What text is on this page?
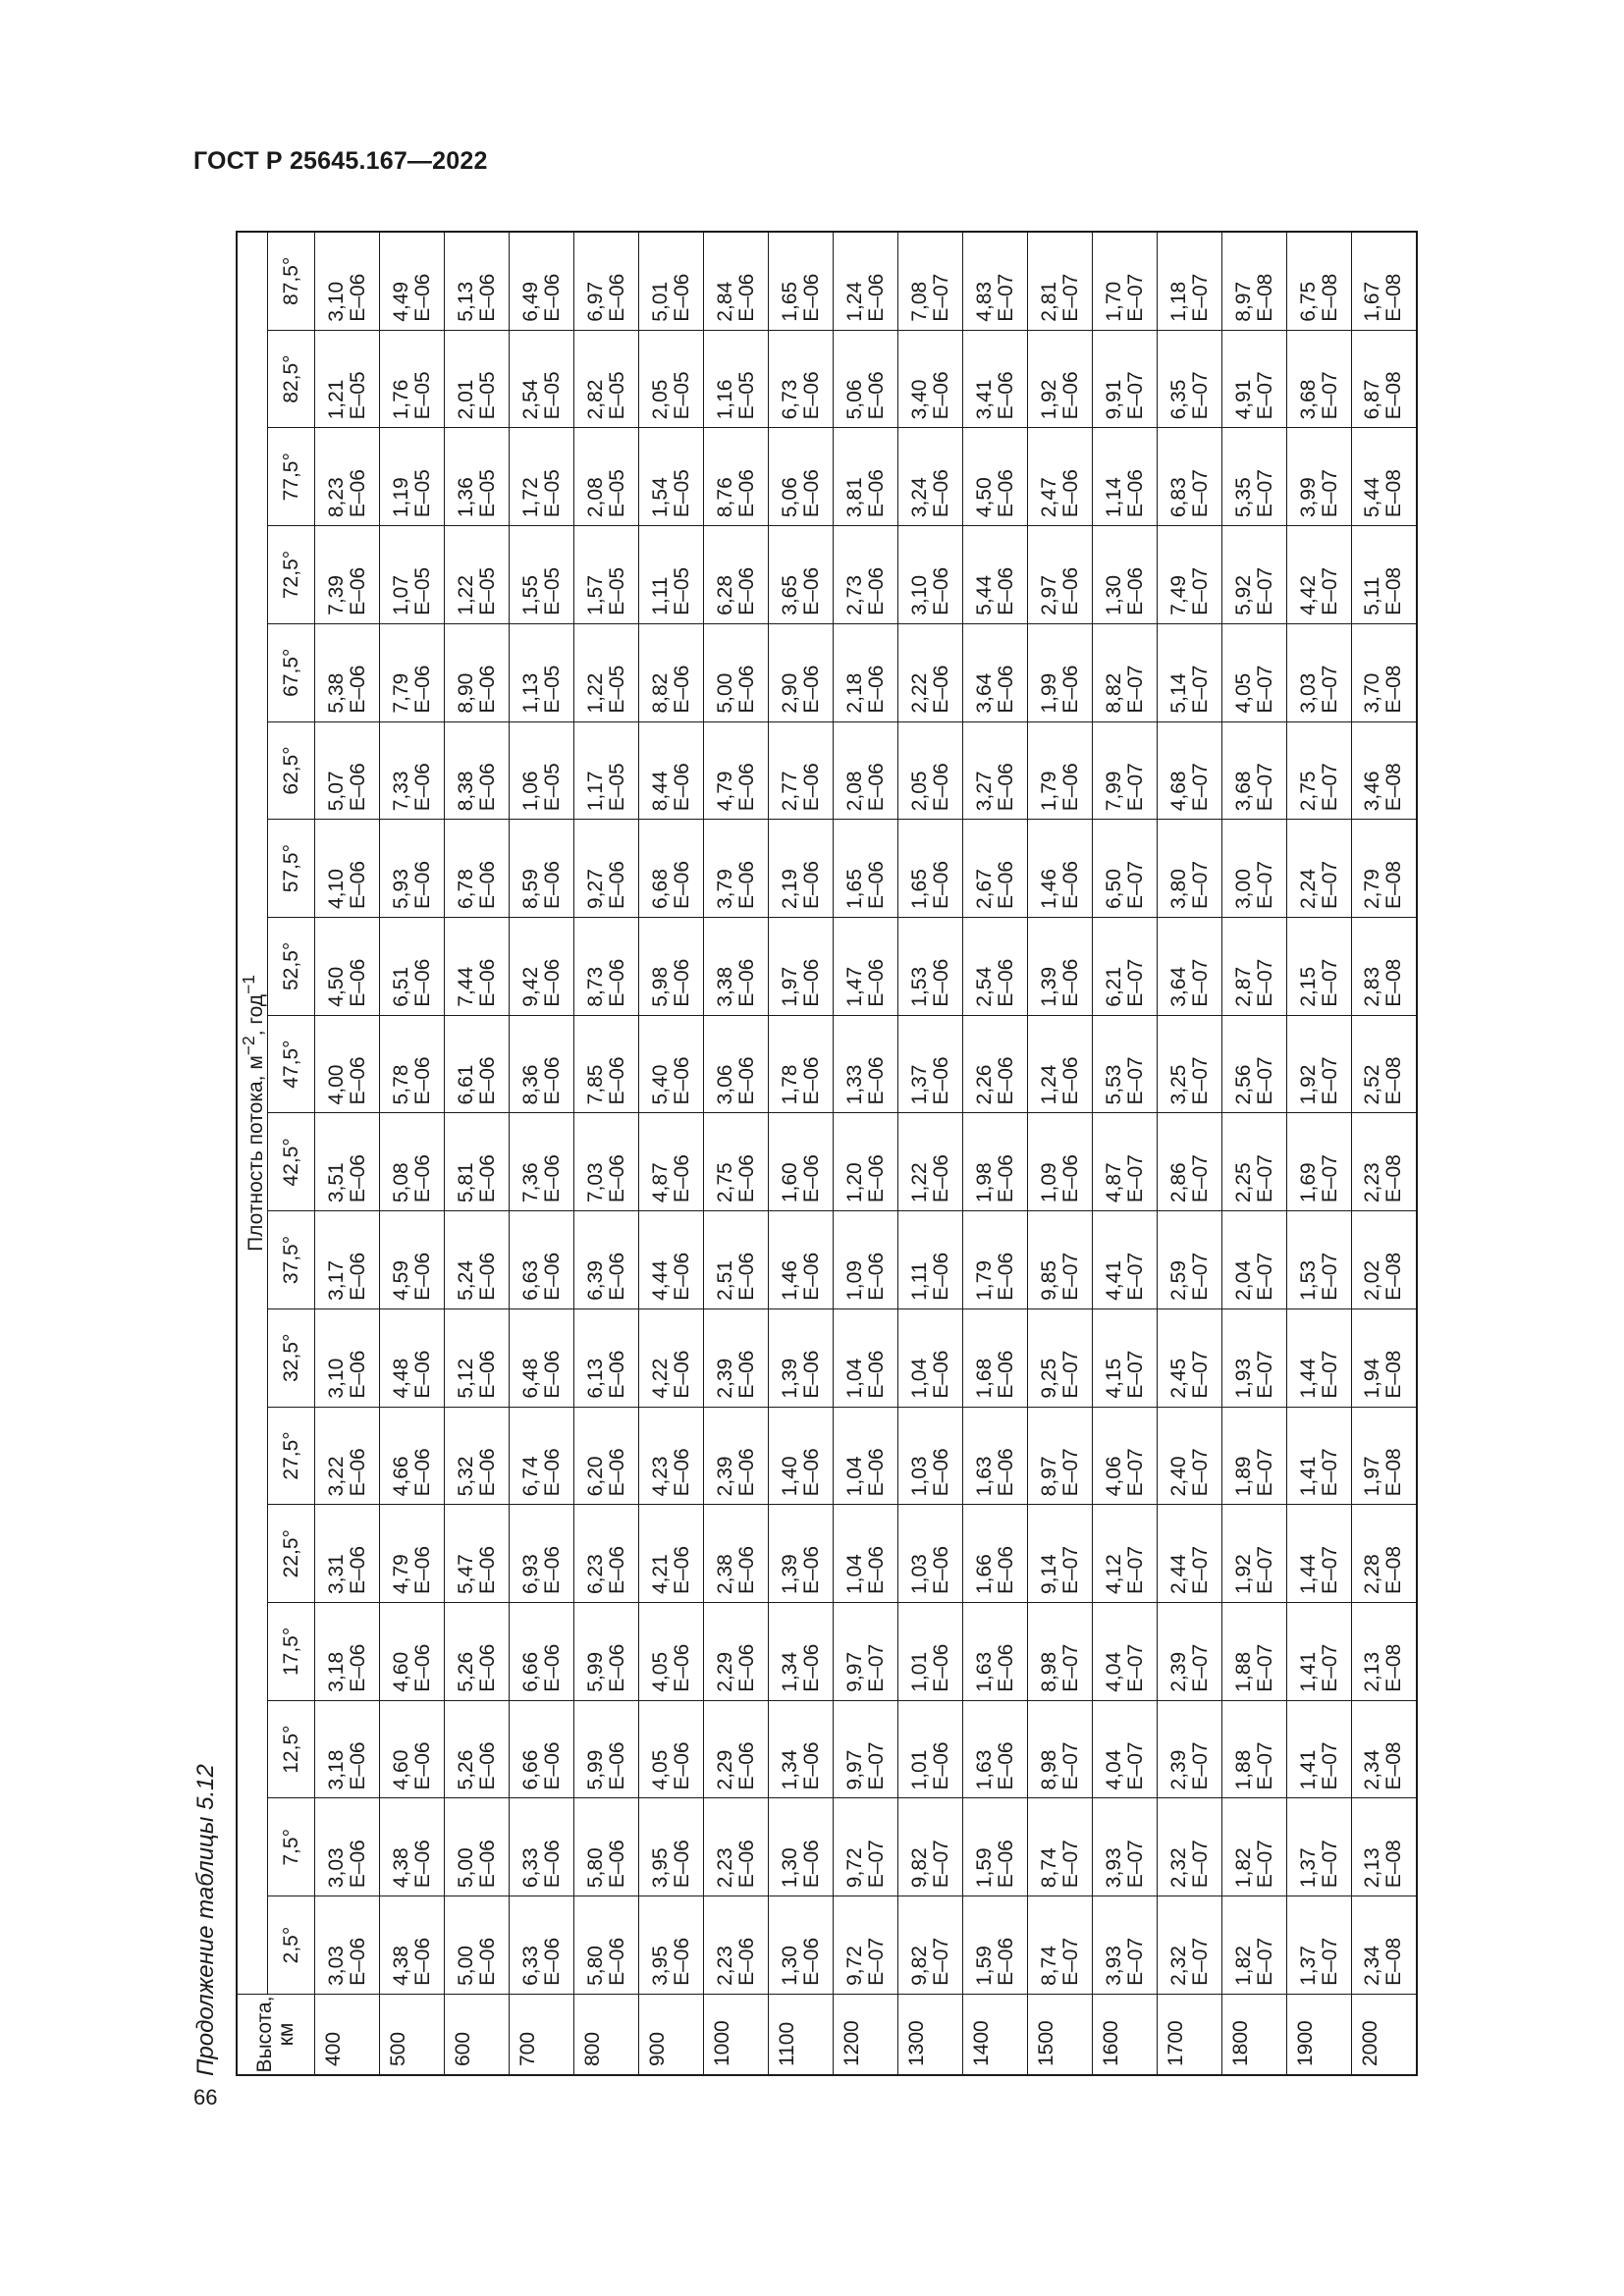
ГОСТ Р 25645.167—2022
66
Продолжение таблицы 5.12	Высота,
км	Плотность потока, $м^{-2}$, год$^{-1}$
	2,5°	7,5°	12,5°	17,5°	22,5°	27,5°	32,5°	37,5°	42,5°	47,5°	52,5°	57,5°	62,5°	67,5°	72,5°	77,5°	82,5°	87,5°
400	3,03 E–06	3,03 E–06	3,18 E–06	3,18 E–06	3,31 E–06	3,22 E–06	3,10 E–06	3,17 E–06	3,51 E–06	4,00 E–06	4,50 E–06	4,10 E–06	5,07 E–06	5,38 E–06	7,39 E–06	8,23 E–06	1,21 E–05	3,10 E–06

500	4,38 E–06	4,38 E–06	4,60 E–06	4,60 E–06	4,79 E–06	4,66 E–06	4,48 E–06	4,59 E–06	5,08 E–06	5,78 E–06	6,51 E–06	5,93 E–06	7,33 E–06	7,79 E–06	1,07 E–05	1,19 E–05	1,76 E–05	4,49 E–06

600	5,00 E–06	5,00 E–06	5,26 E–06	5,26 E–06	5,47 E–06	5,32 E–06	5,12 E–06	5,24 E–06	5,81 E–06	6,61 E–06	7,44 E–06	6,78 E–06	8,38 E–06	8,90 E–06	1,22 E–05	1,36 E–05	2,01 E–05	5,13 E–06

700	6,33 E–06	6,33 E–06	6,66 E–06	6,66 E–06	6,93 E–06	6,74 E–06	6,48 E–06	6,63 E–06	7,36 E–06	8,36 E–06	9,42 E–06	8,59 E–06	1,06 E–05	1,13 E–05	1,55 E–05	1,72 E–05	2,54 E–05	6,49 E–06

800	5,80 E–06	5,80 E–06	5,99 E–06	5,99 E–06	6,23 E–06	6,20 E–06	6,13 E–06	6,39 E–06	7,03 E–06	7,85 E–06	8,73 E–06	9,27 E–06	1,17 E–05	1,22 E–05	1,57 E–05	2,08 E–05	2,82 E–05	6,97 E–06

900	3,95 E–06	3,95 E–06	4,05 E–06	4,05 E–06	4,21 E–06	4,23 E–06	4,22 E–06	4,44 E–06	4,87 E–06	5,40 E–06	5,98 E–06	6,68 E–06	8,44 E–06	8,82 E–06	1,11 E–05	1,54 E–05	2,05 E–05	5,01 E–06

1000	2,23 E–06	2,23 E–06	2,29 E–06	2,29 E–06	2,38 E–06	2,39 E–06	2,39 E–06	2,51 E–06	2,75 E–06	3,06 E–06	3,38 E–06	3,79 E–06	4,79 E–06	5,00 E–06	6,28 E–06	8,76 E–06	1,16 E–05	2,84 E–06

1100	1,30 E–06	1,30 E–06	1,34 E–06	1,34 E–06	1,39 E–06	1,40 E–06	1,39 E–06	1,46 E–06	1,60 E–06	1,78 E–06	1,97 E–06	2,19 E–06	2,77 E–06	2,90 E–06	3,65 E–06	5,06 E–06	6,73 E–06	1,65 E–06

1200	9,72 E–07	9,72 E–07	9,97 E–07	9,97 E–07	1,04 E–06	1,04 E–06	1,04 E–06	1,09 E–06	1,20 E–06	1,33 E–06	1,47 E–06	1,65 E–06	2,08 E–06	2,18 E–06	2,73 E–06	3,81 E–06	5,06 E–06	1,24 E–06

1300	9,82 E–07	9,82 E–07	1,01 E–06	1,01 E–06	1,03 E–06	1,03 E–06	1,04 E–06	1,11 E–06	1,22 E–06	1,37 E–06	1,53 E–06	1,65 E–06	2,05 E–06	2,22 E–06	3,10 E–06	3,24 E–06	3,40 E–06	7,08 E–07

1400	1,59 E–06	1,59 E–06	1,63 E–06	1,63 E–06	1,66 E–06	1,63 E–06	1,68 E–06	1,79 E–06	1,98 E–06	2,26 E–06	2,54 E–06	2,67 E–06	3,27 E–06	3,64 E–06	5,44 E–06	4,50 E–06	3,41 E–06	4,83 E–07

1500	8,74 E–07	8,74 E–07	8,98 E–07	8,98 E–07	9,14 E–07	8,97 E–07	9,25 E–07	9,85 E–07	1,09 E–06	1,24 E–06	1,39 E–06	1,46 E–06	1,79 E–06	1,99 E–06	2,97 E–06	2,47 E–06	1,92 E–06	2,81 E–07

1600	3,93 E–07	3,93 E–07	4,04 E–07	4,04 E–07	4,12 E–07	4,06 E–07	4,15 E–07	4,41 E–07	4,87 E–07	5,53 E–07	6,21 E–07	6,50 E–07	7,99 E–07	8,82 E–07	1,30 E–06	1,14 E–06	9,91 E–07	1,70 E–07

1700	2,32 E–07	2,32 E–07	2,39 E–07	2,39 E–07	2,44 E–07	2,40 E–07	2,45 E–07	2,59 E–07	2,86 E–07	3,25 E–07	3,64 E–07	3,80 E–07	4,68 E–07	5,14 E–07	7,49 E–07	6,83 E–07	6,35 E–07	1,18 E–07

1800	1,82 E–07	1,82 E–07	1,88 E–07	1,88 E–07	1,92 E–07	1,89 E–07	1,93 E–07	2,04 E–07	2,25 E–07	2,56 E–07	2,87 E–07	3,00 E–07	3,68 E–07	4,05 E–07	5,92 E–07	5,35 E–07	4,91 E–07	8,97 E–08

1900	1,37 E–07	1,37 E–07	1,41 E–07	1,41 E–07	1,44 E–07	1,41 E–07	1,44 E–07	1,53 E–07	1,69 E–07	1,92 E–07	2,15 E–07	2,24 E–07	2,75 E–07	3,03 E–07	4,42 E–07	3,99 E–07	3,68 E–07	6,75 E–08

2000	2,34 E–08	2,13 E–08	2,34 E–08	2,13 E–08	2,28 E–08	1,97 E–08	1,94 E–08	2,02 E–08	2,23 E–08	2,52 E–08	2,83 E–08	2,79 E–08	3,46 E–08	3,70 E–08	5,11 E–08	5,44 E–08	6,87 E–08	1,67 E–08
